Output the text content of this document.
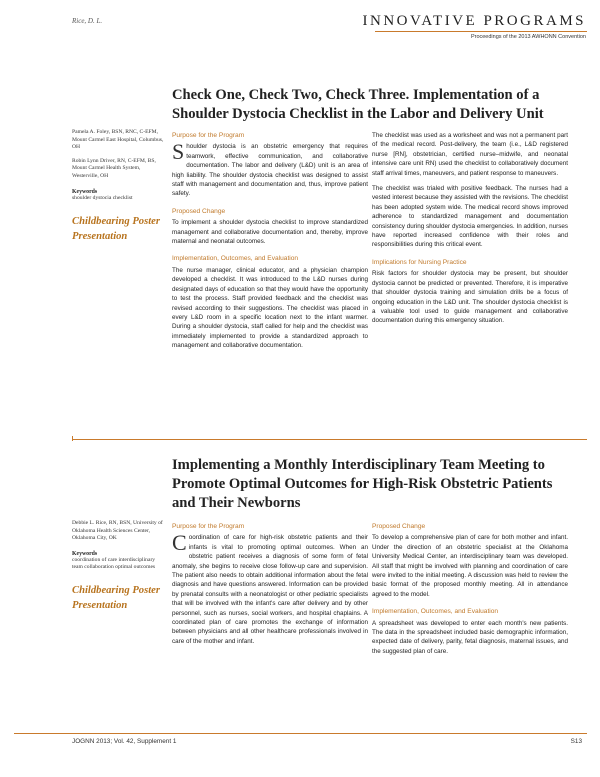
Rice, D. L.	INNOVATIVE PROGRAMS
Proceedings of the 2013 AWHONN Convention
Check One, Check Two, Check Three. Implementation of a Shoulder Dystocia Checklist in the Labor and Delivery Unit
Pamela A. Foley, BSN, RNC, C-EFM, Mount Carmel East Hospital, Columbus, OH
Robin Lynn Driver, RN, C-EFM, BS, Mount Carmel Health System, Westerville, OH
Keywords
shoulder dystocia checklist
Childbearing Poster Presentation
Purpose for the Program

Shoulder dystocia is an obstetric emergency that requires teamwork, effective communication, and collaborative documentation. The labor and delivery (L&D) unit is an area of high liability. The shoulder dystocia checklist was designed to assist staff with management and documentation and, thus, improve patient safety.

Proposed Change

To implement a shoulder dystocia checklist to improve standardized management and collaborative documentation and, thereby, improve maternal and neonatal outcomes.

Implementation, Outcomes, and Evaluation

The nurse manager, clinical educator, and a physician champion developed a checklist. It was introduced to the L&D nurses during designated days of education so that they would have the opportunity to test the process. Staff provided feedback and the checklist was revised according to their suggestions. The checklist was placed in every L&D room in a specific location next to the infant warmer. During a shoulder dystocia, staff called for help and the checklist was immediately implemented to provide a standardized approach to management and collaborative documentation.

The checklist was used as a worksheet and was not a permanent part of the medical record. Post-delivery, the team (i.e., L&D registered nurse [RN], obstetrician, certified nurse–midwife, and neonatal intensive care unit RN) used the checklist to collaboratively document staff arrival times, maneuvers, and patient response to maneuvers.

The checklist was trialed with positive feedback. The nurses had a vested interest because they assisted with the revisions. The checklist has been adopted system wide. The medical record shows improved adherence to standardized management and documentation consistency during shoulder dystocia emergencies. In addition, nurses have reported increased confidence with their roles and responsibilities during this critical event.

Implications for Nursing Practice

Risk factors for shoulder dystocia may be present, but shoulder dystocia cannot be predicted or prevented. Therefore, it is imperative that shoulder dystocia training and simulation drills be a focus of ongoing education in the L&D unit. The shoulder dystocia checklist is a valuable tool used to guide management and collaborative documentation during this emergency situation.

Implementing a Monthly Interdisciplinary Team Meeting to Promote Optimal Outcomes for High-Risk Obstetric Patients and Their Newborns
Debbie L. Rice, RN, BSN, University of Oklahoma Health Sciences Center, Oklahoma City, OK
Keywords
coordination of care interdisciplinary team collaboration optimal outcomes
Childbearing Poster Presentation
Purpose for the Program

Coordination of care for high-risk obstetric patients and their infants is vital to promoting optimal outcomes. When an obstetric patient receives a diagnosis of some form of fetal anomaly, she begins to receive close follow-up care and supervision. The patient also needs to obtain additional information about the fetal diagnosis and have questions answered. Information can be provided by prenatal consults with a neonatologist or other pediatric specialists that will be involved with the infant's care after delivery and by other personnel, such as nurses, social workers, and hospital chaplains. A coordinated plan of care promotes the exchange of information between physicians and all other healthcare professionals involved in care of the mother and infant.

Proposed Change

To develop a comprehensive plan of care for both mother and infant. Under the direction of an obstetric specialist at the Oklahoma University Medical Center, an interdisciplinary team was developed. All staff that might be involved with planning and coordination of care were invited to the initial meeting. A discussion was held to review the basic format of the proposed monthly meeting. All in attendance agreed to the model.

Implementation, Outcomes, and Evaluation

A spreadsheet was developed to enter each month's new patients. The data in the spreadsheet included basic demographic information, expected date of delivery, parity, fetal diagnosis, maternal issues, and the suggested plan of care.

JOGNN 2013; Vol. 42, Supplement 1	S13
